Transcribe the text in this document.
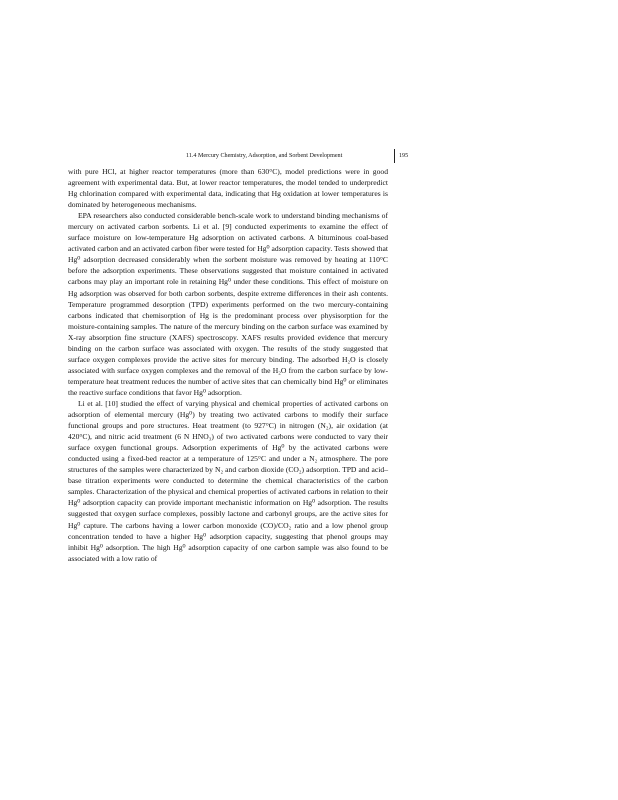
11.4 Mercury Chemistry, Adsorption, and Sorbent Development	195

with pure HCl, at higher reactor temperatures (more than 630°C), model predictions were in good agreement with experimental data. But, at lower reactor temperatures, the model tended to underpredict Hg chlorination compared with experimental data, indicating that Hg oxidation at lower temperatures is dominated by heterogeneous mechanisms.

EPA researchers also conducted considerable bench-scale work to understand binding mechanisms of mercury on activated carbon sorbents. Li et al. [9] conducted experiments to examine the effect of surface moisture on low-temperature Hg adsorption on activated carbons. A bituminous coal-based activated carbon and an activated carbon fiber were tested for Hg⁰ adsorption capacity. Tests showed that Hg⁰ adsorption decreased considerably when the sorbent moisture was removed by heating at 110°C before the adsorption experiments. These observations suggested that moisture contained in activated carbons may play an important role in retaining Hg⁰ under these conditions. This effect of moisture on Hg adsorption was observed for both carbon sorbents, despite extreme differences in their ash contents. Temperature programmed desorption (TPD) experiments performed on the two mercury-containing carbons indicated that chemisorption of Hg is the predominant process over physisorption for the moisture-containing samples. The nature of the mercury binding on the carbon surface was examined by X-ray absorption fine structure (XAFS) spectroscopy. XAFS results provided evidence that mercury binding on the carbon surface was associated with oxygen. The results of the study suggested that surface oxygen complexes provide the active sites for mercury binding. The adsorbed H₂O is closely associated with surface oxygen complexes and the removal of the H₂O from the carbon surface by low-temperature heat treatment reduces the number of active sites that can chemically bind Hg⁰ or eliminates the reactive surface conditions that favor Hg⁰ adsorption.

Li et al. [10] studied the effect of varying physical and chemical properties of activated carbons on adsorption of elemental mercury (Hg⁰) by treating two activated carbons to modify their surface functional groups and pore structures. Heat treatment (to 927°C) in nitrogen (N₂), air oxidation (at 420°C), and nitric acid treatment (6 N HNO₃) of two activated carbons were conducted to vary their surface oxygen functional groups. Adsorption experiments of Hg⁰ by the activated carbons were conducted using a fixed-bed reactor at a temperature of 125°C and under a N₂ atmosphere. The pore structures of the samples were characterized by N₂ and carbon dioxide (CO₂) adsorption. TPD and acid–base titration experiments were conducted to determine the chemical characteristics of the carbon samples. Characterization of the physical and chemical properties of activated carbons in relation to their Hg⁰ adsorption capacity can provide important mechanistic information on Hg⁰ adsorption. The results suggested that oxygen surface complexes, possibly lactone and carbonyl groups, are the active sites for Hg⁰ capture. The carbons having a lower carbon monoxide (CO)/CO₂ ratio and a low phenol group concentration tended to have a higher Hg⁰ adsorption capacity, suggesting that phenol groups may inhibit Hg⁰ adsorption. The high Hg⁰ adsorption capacity of one carbon sample was also found to be associated with a low ratio of
